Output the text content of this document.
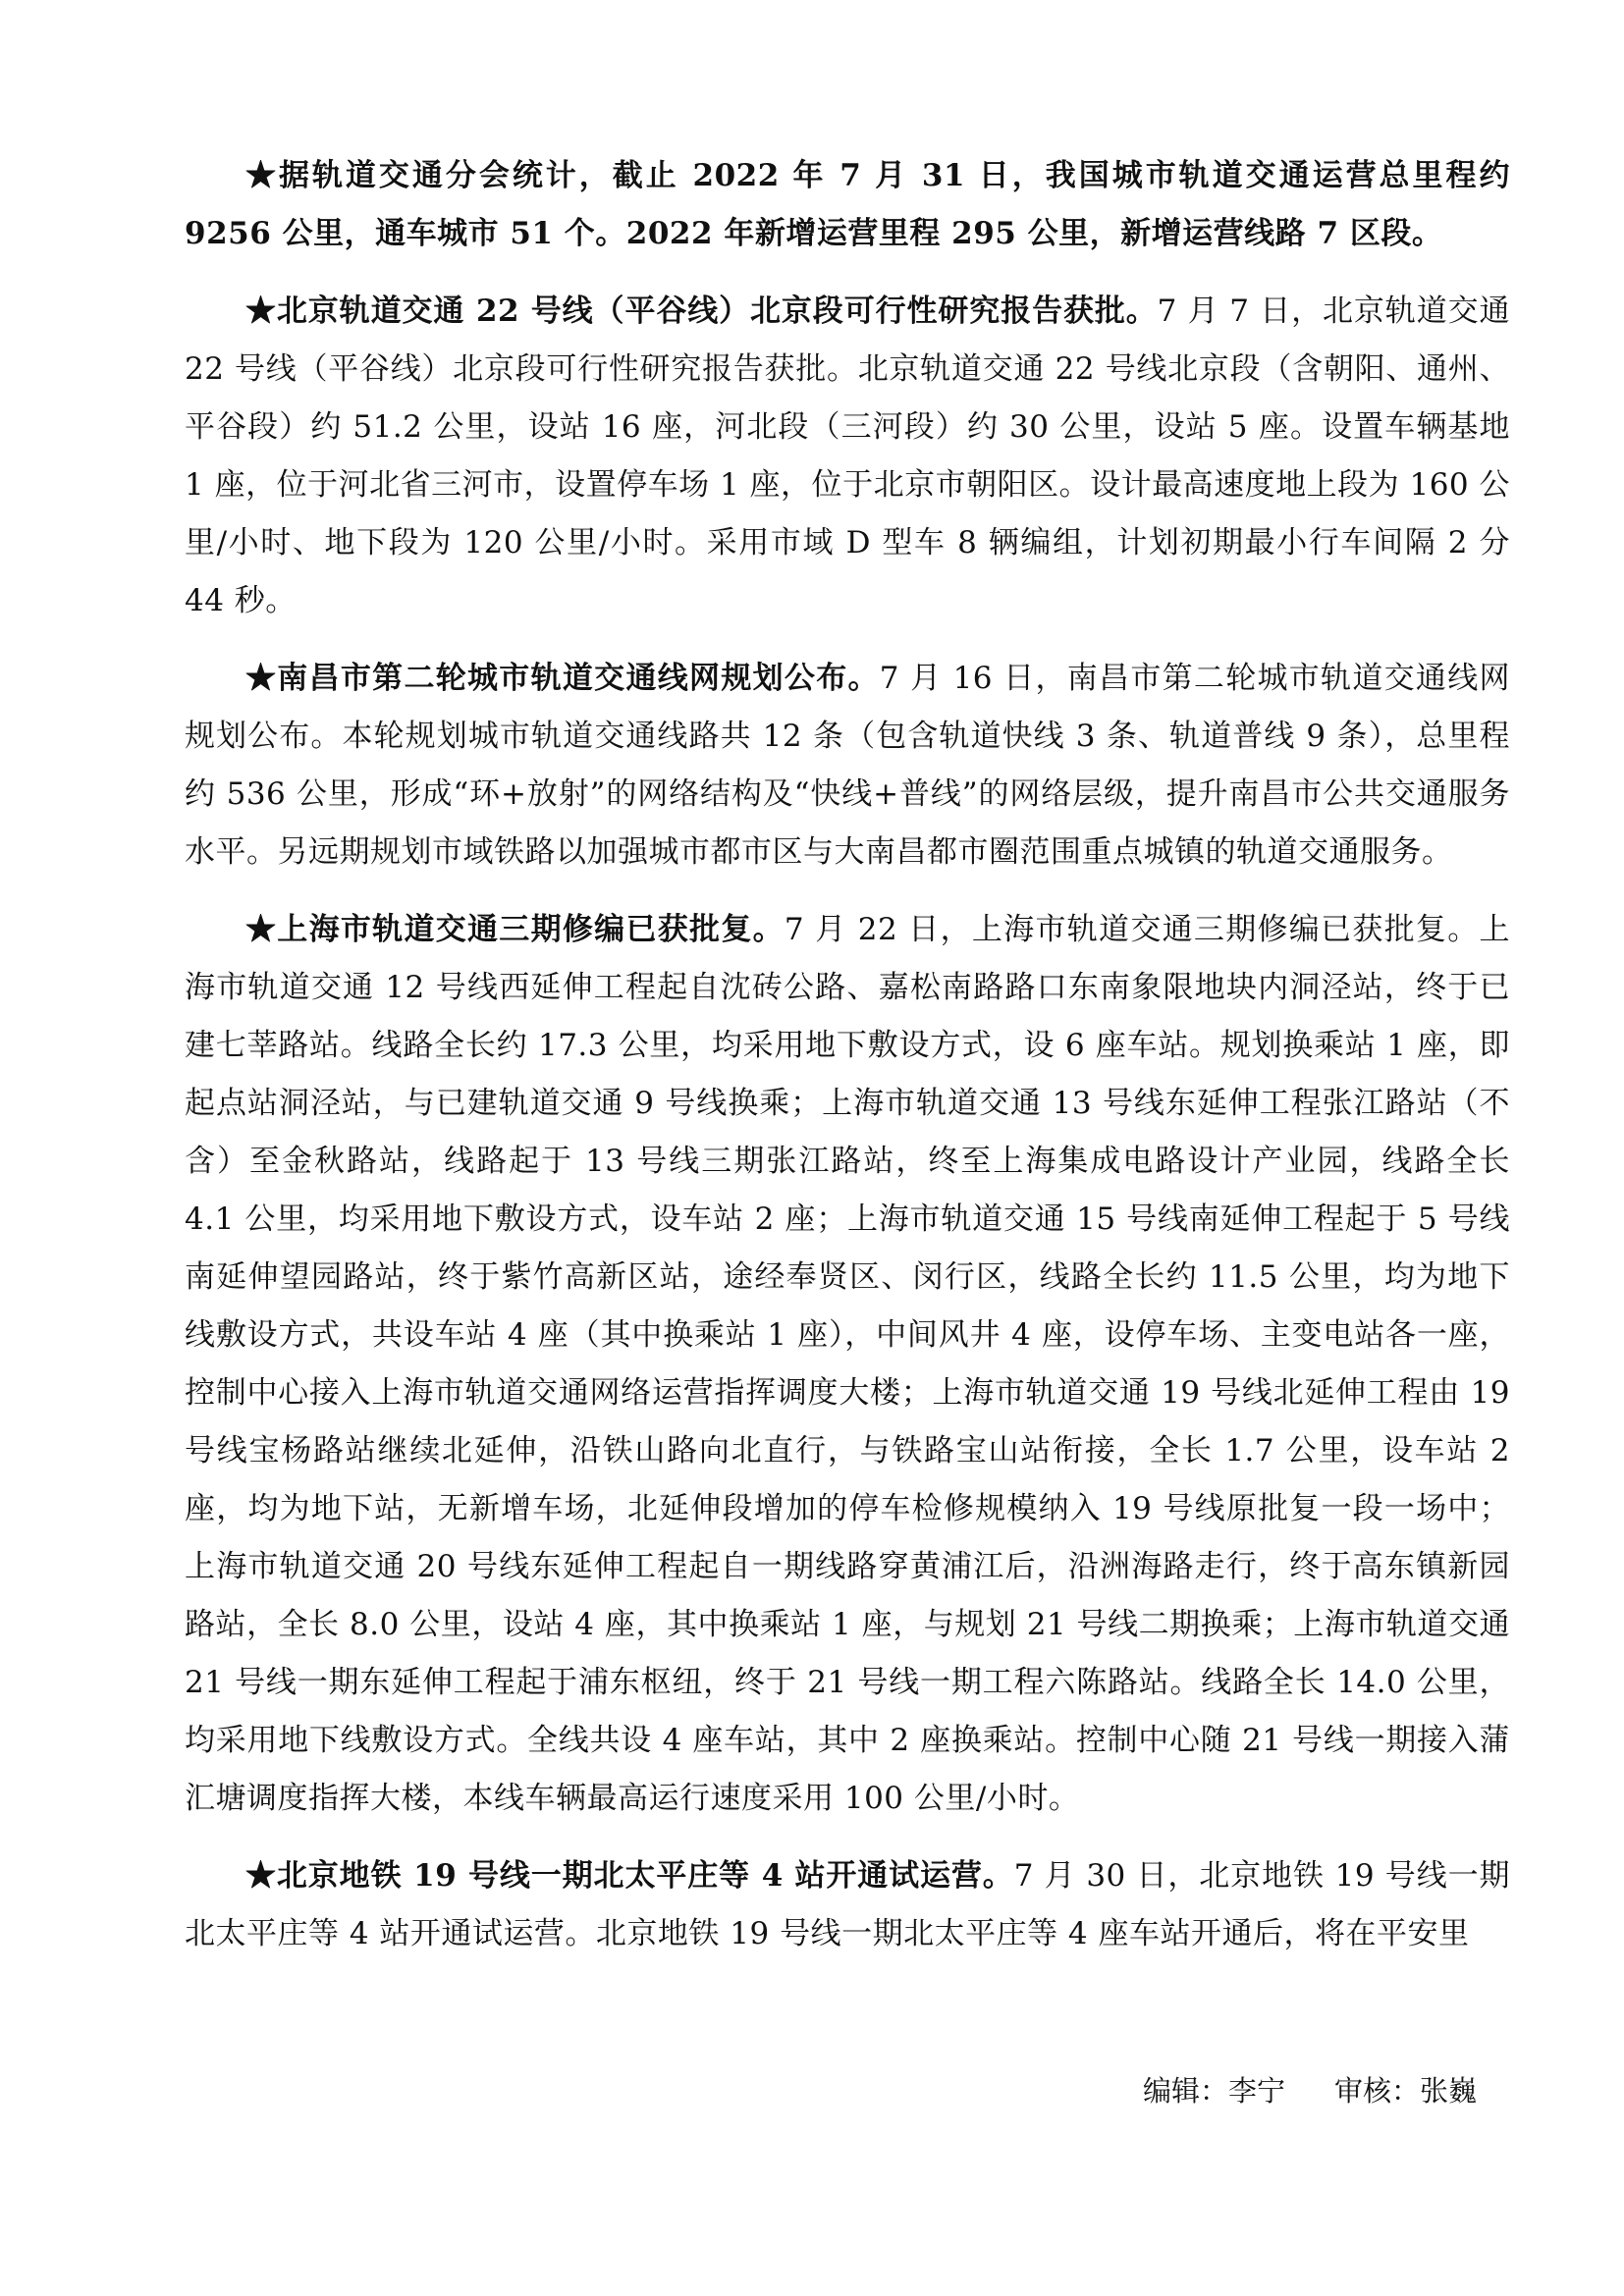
★据轨道交通分会统计，截止 2022 年 7 月 31 日，我国城市轨道交通运营总里程约 9256 公里，通车城市 51 个。2022 年新增运营里程 295 公里，新增运营线路 7 区段。

★北京轨道交通 22 号线（平谷线）北京段可行性研究报告获批。7 月 7 日，北京轨道交通 22 号线（平谷线）北京段可行性研究报告获批。北京轨道交通 22 号线北京段（含朝阳、通州、平谷段）约 51.2 公里，设站 16 座，河北段（三河段）约 30 公里，设站 5 座。设置车辆基地 1 座，位于河北省三河市，设置停车场 1 座，位于北京市朝阳区。设计最高速度地上段为 160 公里/小时、地下段为 120 公里/小时。采用市域 D 型车 8 辆编组，计划初期最小行车间隔 2 分 44 秒。

★南昌市第二轮城市轨道交通线网规划公布。7 月 16 日，南昌市第二轮城市轨道交通线网规划公布。本轮规划城市轨道交通线路共 12 条（包含轨道快线 3 条、轨道普线 9 条），总里程约 536 公里，形成“环+放射”的网络结构及“快线+普线”的网络层级，提升南昌市公共交通服务水平。另远期规划市域铁路以加强城市都市区与大南昌都市圈范围重点城镇的轨道交通服务。

★上海市轨道交通三期修编已获批复。7 月 22 日，上海市轨道交通三期修编已获批复。上海市轨道交通 12 号线西延伸工程起自沈砖公路、嘉松南路路口东南象限地块内洞泾站，终于已建七莘路站。线路全长约 17.3 公里，均采用地下敷设方式，设 6 座车站。规划换乘站 1 座，即起点站洞泾站，与已建轨道交通 9 号线换乘；上海市轨道交通 13 号线东延伸工程张江路站（不含）至金秋路站，线路起于 13 号线三期张江路站，终至上海集成电路设计产业园，线路全长 4.1 公里，均采用地下敷设方式，设车站 2 座；上海市轨道交通 15 号线南延伸工程起于 5 号线南延伸望园路站，终于紫竹高新区站，途经奉贤区、闵行区，线路全长约 11.5 公里，均为地下线敷设方式，共设车站 4 座（其中换乘站 1 座），中间风井 4 座，设停车场、主变电站各一座，控制中心接入上海市轨道交通网络运营指挥调度大楼；上海市轨道交通 19 号线北延伸工程由 19 号线宝杨路站继续北延伸，沿铁山路向北直行，与铁路宝山站衔接，全长 1.7 公里，设车站 2 座，均为地下站，无新增车场，北延伸段增加的停车检修规模纳入 19 号线原批复一段一场中；上海市轨道交通 20 号线东延伸工程起自一期线路穿黄浦江后，沿洲海路走行，终于高东镇新园路站，全长 8.0 公里，设站 4 座，其中换乘站 1 座，与规划 21 号线二期换乘；上海市轨道交通 21 号线一期东延伸工程起于浦东枢纽，终于 21 号线一期工程六陈路站。线路全长 14.0 公里，均采用地下线敷设方式。全线共设 4 座车站，其中 2 座换乘站。控制中心随 21 号线一期接入蒲汇塘调度指挥大楼，本线车辆最高运行速度采用 100 公里/小时。

★北京地铁 19 号线一期北太平庄等 4 站开通试运营。7 月 30 日，北京地铁 19 号线一期北太平庄等 4 站开通试运营。北京地铁 19 号线一期北太平庄等 4 座车站开通后，将在平安里

编辑：李宁 审核：张巍
